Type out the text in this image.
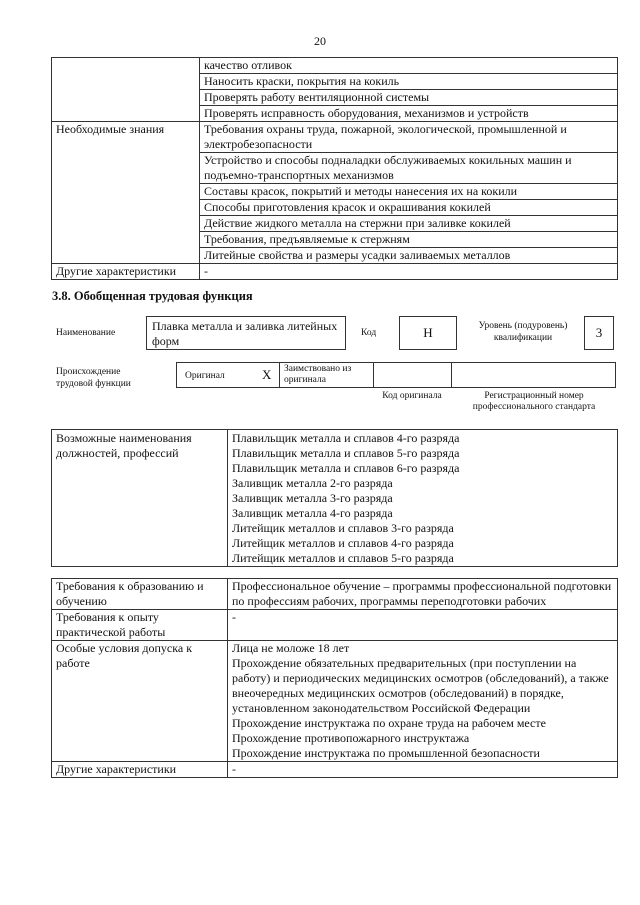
20
	качество отливок
	Наносить краски, покрытия на кокиль
	Проверять работу вентиляционной системы
	Проверять исправность оборудования, механизмов и устройств
Необходимые знания	Требования охраны труда, пожарной, экологической, промышленной и электробезопасности
	Устройство и способы подналадки обслуживаемых кокильных машин и подъемно-транспортных механизмов
	Составы красок, покрытий и методы нанесения их на кокили
	Способы приготовления красок и окрашивания кокилей
	Действие жидкого металла на стержни при заливке кокилей
	Требования, предъявляемые к стержням
	Литейные свойства и размеры усадки заливаемых металлов
Другие характеристики	-
3.8. Обобщенная трудовая функция
Наименование	Плавка металла и заливка литейных форм
Код	H	Уровень (подуровень) квалификации	3
Происхождение трудовой функции
Оригинал	X Заимствовано из оригинала
Код оригинала	Регистрационный номер профессионального стандарта
Возможные наименования должностей, профессий	
Плавильщик металла и сплавов 4-го разряда
Плавильщик металла и сплавов 5-го разряда
Плавильщик металла и сплавов 6-го разряда
Заливщик металла 2-го разряда
Заливщик металла 3-го разряда
Заливщик металла 4-го разряда
Литейщик металлов и сплавов 3-го разряда
Литейщик металлов и сплавов 4-го разряда
Литейщик металлов и сплавов 5-го разряда
Требования к образованию и обучению	Профессиональное обучение – программы профессиональной подготовки по профессиям рабочих, программы переподготовки рабочих
Требования к опыту практической работы	-
Особые условия допуска к работе	Лица не моложе 18 лет
Прохождение обязательных предварительных (при поступлении на работу) и периодических медицинских осмотров (обследований), а также внеочередных медицинских осмотров (обследований) в порядке, установленном законодательством Российской Федерации
Прохождение инструктажа по охране труда на рабочем месте
Прохождение противопожарного инструктажа
Прохождение инструктажа по промышленной безопасности

Другие характеристики	-
